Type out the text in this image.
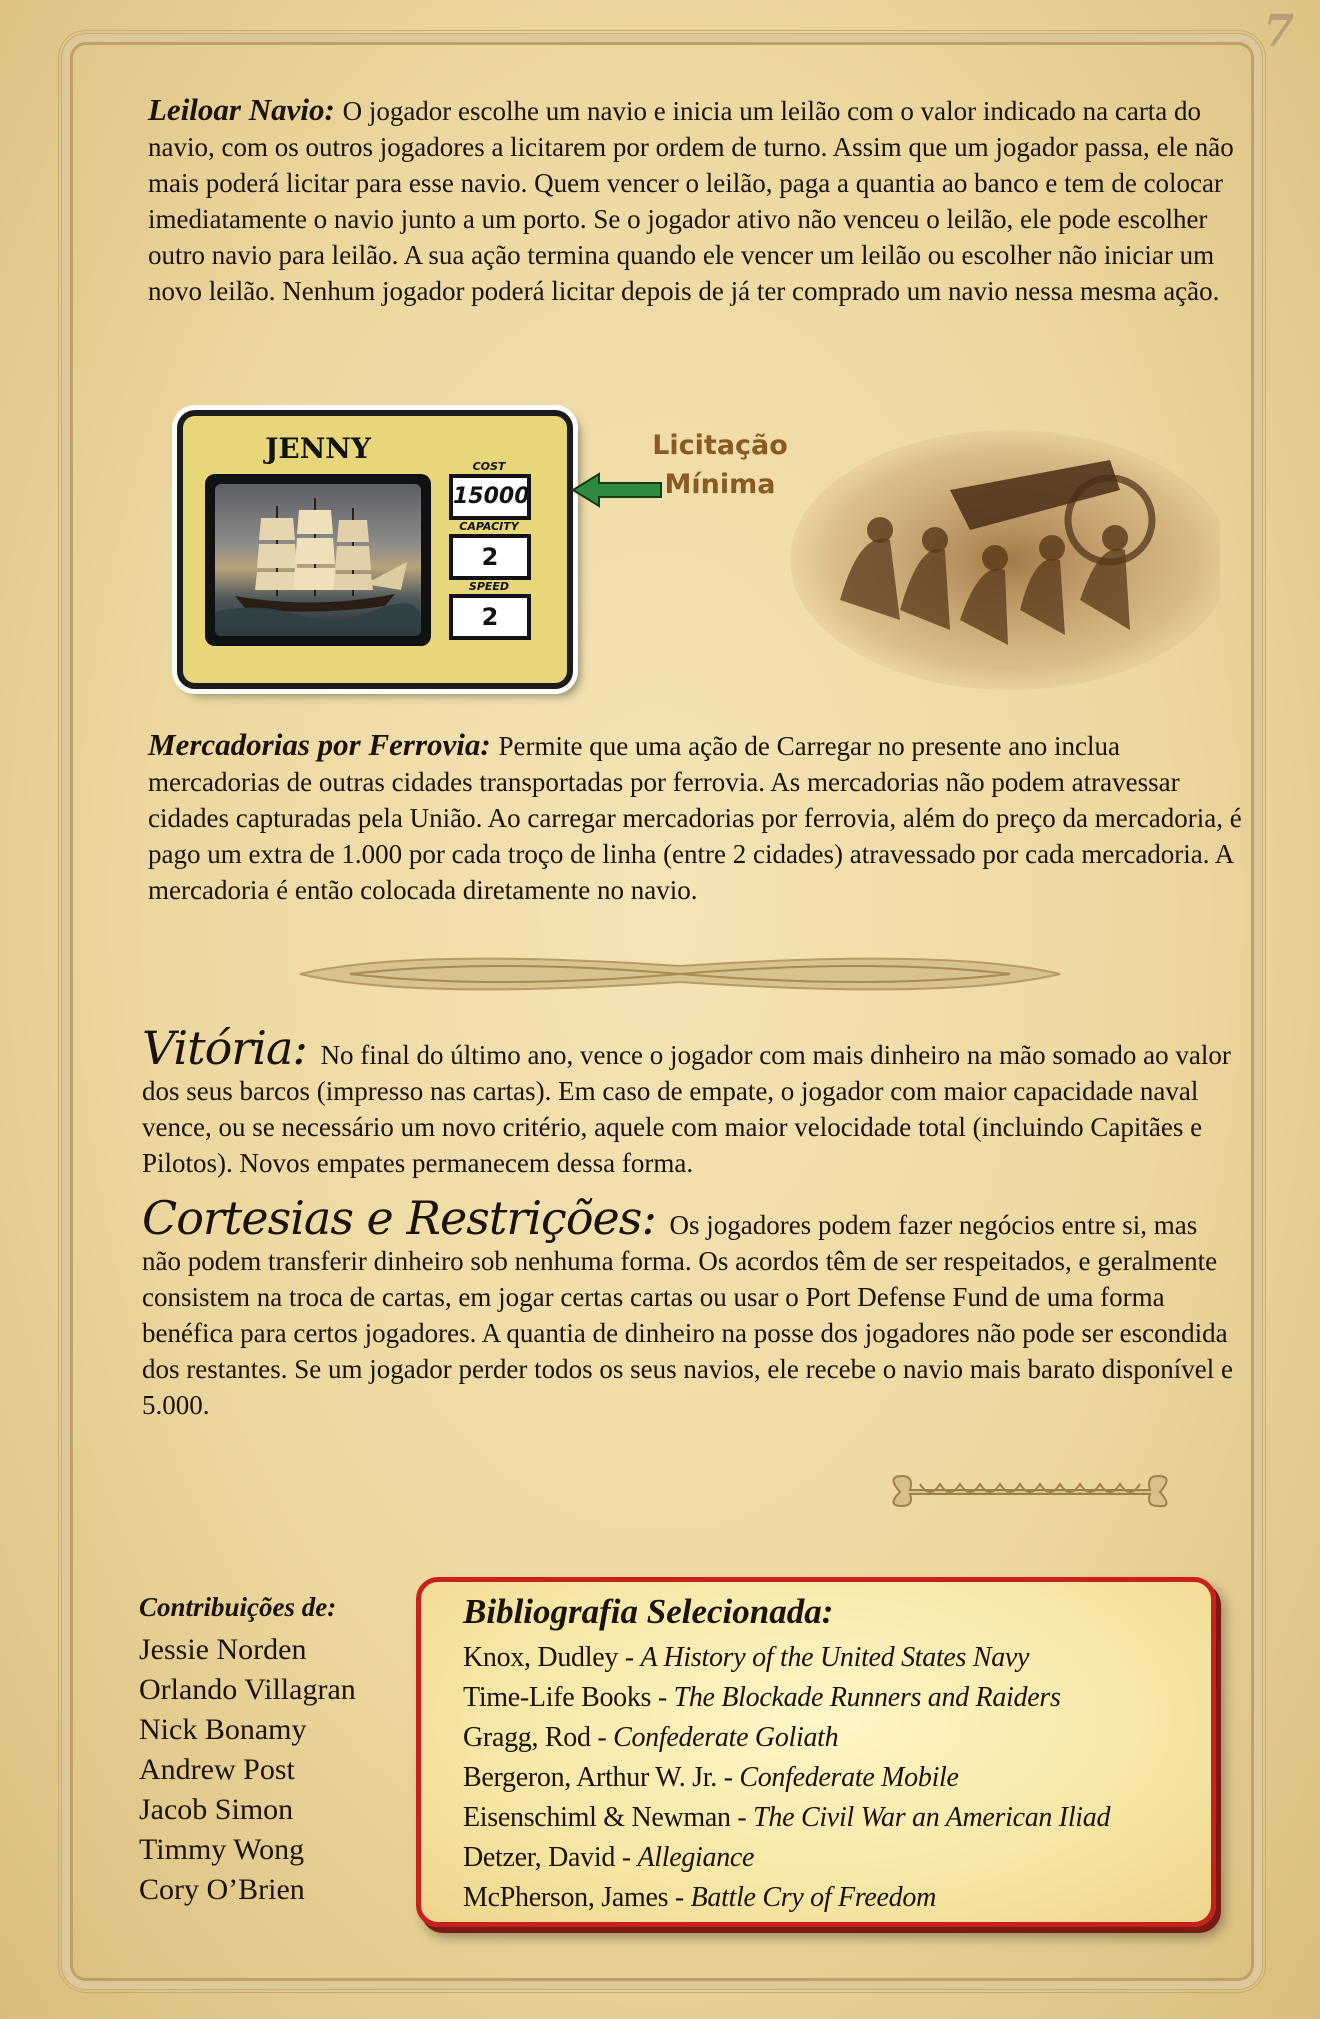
7
Leiloar Navio: O jogador escolhe um navio e inicia um leilão com o valor indicado na carta do navio, com os outros jogadores a licitarem por ordem de turno. Assim que um jogador passa, ele não mais poderá licitar para esse navio. Quem vencer o leilão, paga a quantia ao banco e tem de colocar imediatamente o navio junto a um porto. Se o jogador ativo não venceu o leilão, ele pode escolher outro navio para leilão. A sua ação termina quando ele vencer um leilão ou escolher não iniciar um novo leilão. Nenhum jogador poderá licitar depois de já ter comprado um navio nessa mesma ação.
JENNY
COST
15000
CAPACITY
2
SPEED
2
Licitação
Mínima
Mercadorias por Ferrovia: Permite que uma ação de Carregar no presente ano inclua mercadorias de outras cidades transportadas por ferrovia. As mercadorias não podem atravessar cidades capturadas pela União. Ao carregar mercadorias por ferrovia, além do preço da mercadoria, é pago um extra de 1.000 por cada troço de linha (entre 2 cidades) atravessado por cada mercadoria. A mercadoria é então colocada diretamente no navio.
Vitória: No final do último ano, vence o jogador com mais dinheiro na mão somado ao valor dos seus barcos (impresso nas cartas). Em caso de empate, o jogador com maior capacidade naval vence, ou se necessário um novo critério, aquele com maior velocidade total (incluindo Capitães e Pilotos). Novos empates permanecem dessa forma.
Cortesias e Restrições: Os jogadores podem fazer negócios entre si, mas não podem transferir dinheiro sob nenhuma forma. Os acordos têm de ser respeitados, e geralmente consistem na troca de cartas, em jogar certas cartas ou usar o Port Defense Fund de uma forma benéfica para certos jogadores. A quantia de dinheiro na posse dos jogadores não pode ser escondida dos restantes. Se um jogador perder todos os seus navios, ele recebe o navio mais barato disponível e 5.000.
Contribuições de:
Jessie Norden
Orlando Villagran
Nick Bonamy
Andrew Post
Jacob Simon
Timmy Wong
Cory O’Brien
Bibliografia Selecionada:
Knox, Dudley - A History of the United States Navy
Time-Life Books - The Blockade Runners and Raiders
Gragg, Rod - Confederate Goliath
Bergeron, Arthur W. Jr. - Confederate Mobile
Eisenschiml & Newman - The Civil War an American Iliad
Detzer, David - Allegiance
McPherson, James - Battle Cry of Freedom
